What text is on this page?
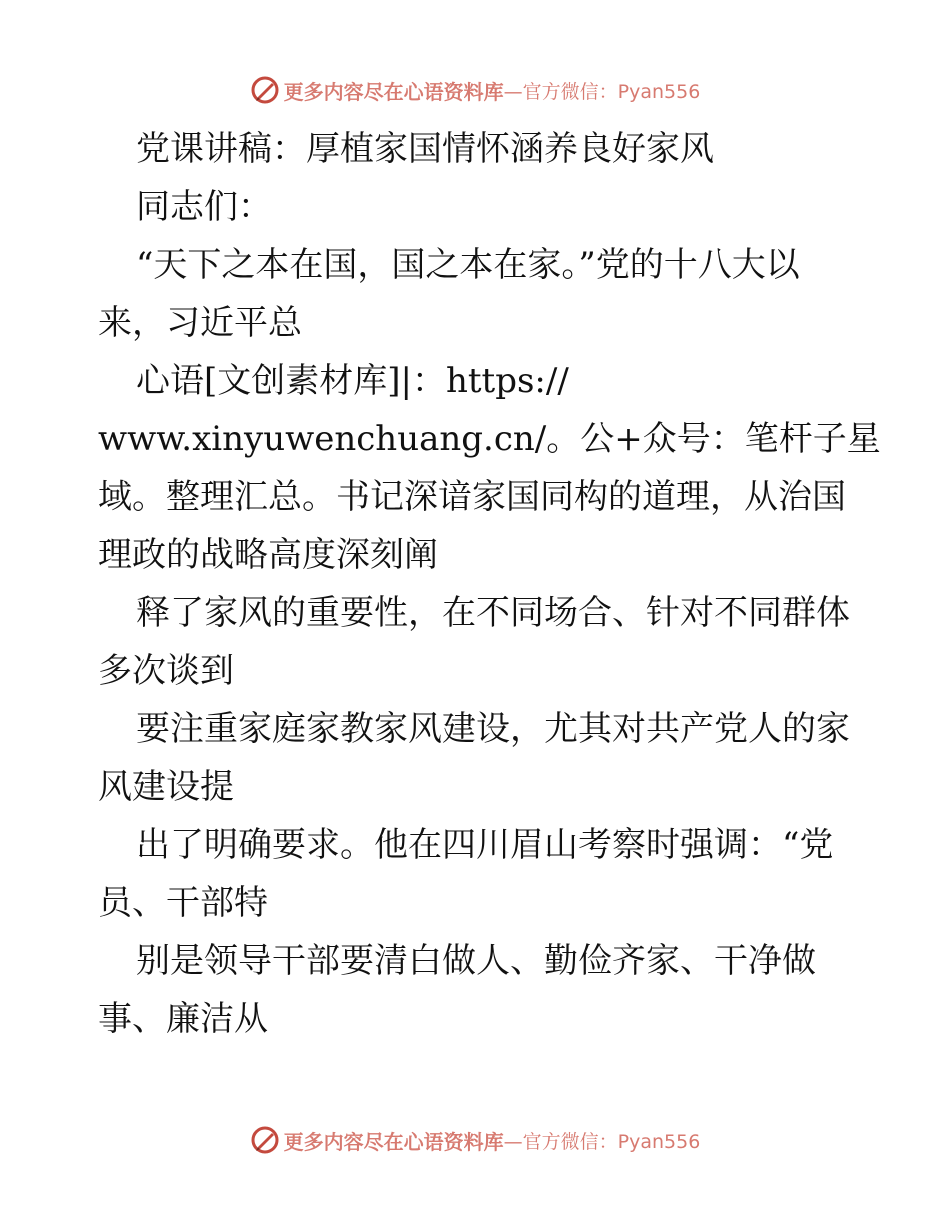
更多内容尽在心语资料库 —官方微信：Pyan556
党课讲稿：厚植家国情怀涵养良好家风
同志们：
“天下之本在国，国之本在家。”党的十八大以
来，习近平总
心语[文创素材库]|：https://
www.xinyuwenchuang.cn/。公+众号：笔杆子星
域。整理汇总。书记深谙家国同构的道理，从治国
理政的战略高度深刻阐
释了家风的重要性，在不同场合、针对不同群体
多次谈到
要注重家庭家教家风建设，尤其对共产党人的家
风建设提
出了明确要求。他在四川眉山考察时强调：“党
员、干部特
别是领导干部要清白做人、勤俭齐家、干净做
事、廉洁从
更多内容尽在心语资料库 —官方微信：Pyan556
